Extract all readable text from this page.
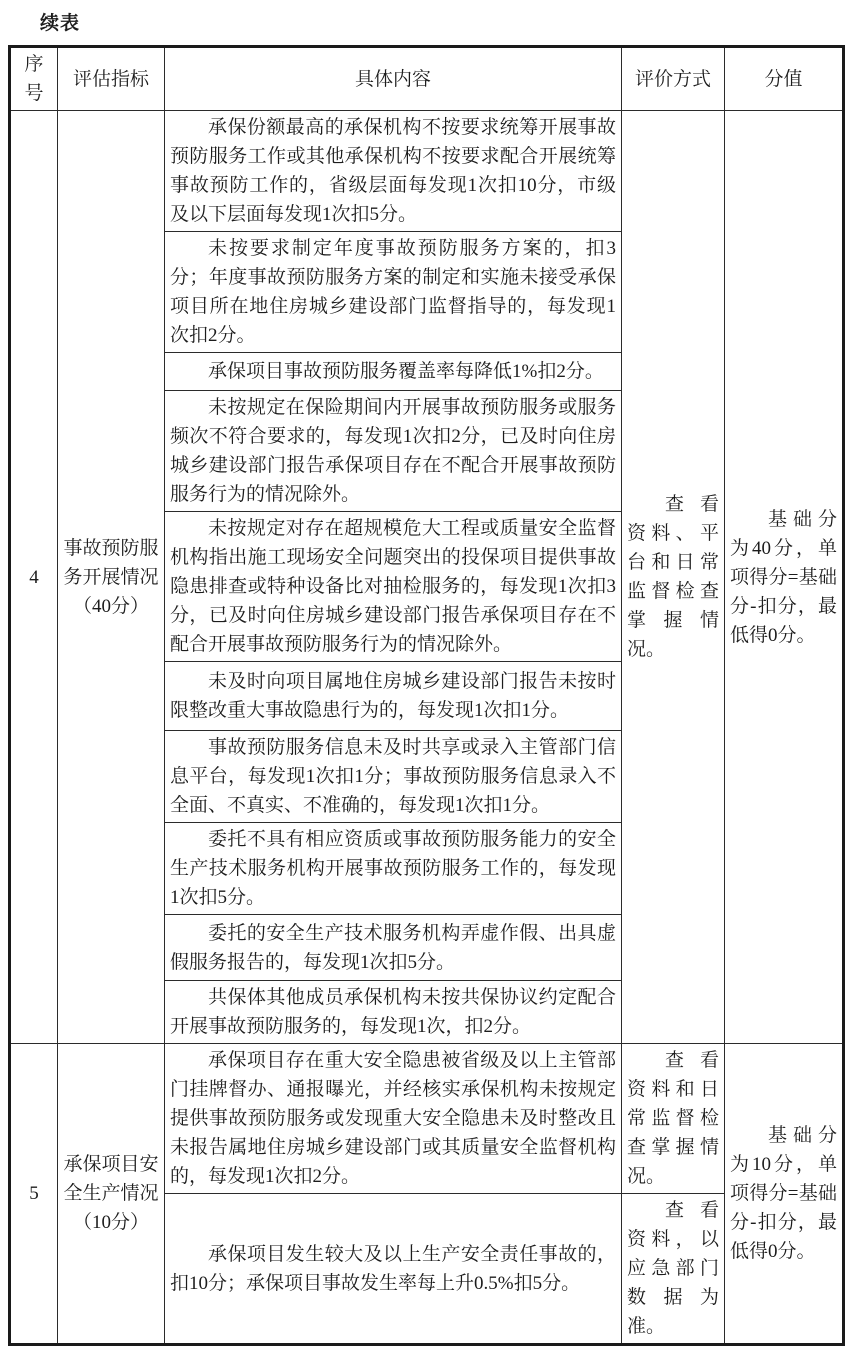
续表
序号	评估指标	具体内容	评价方式	分值
4	事故预防服务开展情况（40分）	承保份额最高的承保机构不按要求统筹开展事故预防服务工作或其他承保机构不按要求配合开展统筹事故预防工作的，省级层面每发现1次扣10分，市级及以下层面每发现1次扣5分。	查看资料、平台和日常监督检查掌握情况。	基础分为40分，单项得分=基础分-扣分，最低得0分。
		未按要求制定年度事故预防服务方案的，扣3分；年度事故预防服务方案的制定和实施未接受承保项目所在地住房城乡建设部门监督指导的，每发现1次扣2分。		
		承保项目事故预防服务覆盖率每降低1%扣2分。		
		未按规定在保险期间内开展事故预防服务或服务频次不符合要求的，每发现1次扣2分，已及时向住房城乡建设部门报告承保项目存在不配合开展事故预防服务行为的情况除外。		
		未按规定对存在超规模危大工程或质量安全监督机构指出施工现场安全问题突出的投保项目提供事故隐患排查或特种设备比对抽检服务的，每发现1次扣3分，已及时向住房城乡建设部门报告承保项目存在不配合开展事故预防服务行为的情况除外。		
		未及时向项目属地住房城乡建设部门报告未按时限整改重大事故隐患行为的，每发现1次扣1分。		
		事故预防服务信息未及时共享或录入主管部门信息平台，每发现1次扣1分；事故预防服务信息录入不全面、不真实、不准确的，每发现1次扣1分。		
		委托不具有相应资质或事故预防服务能力的安全生产技术服务机构开展事故预防服务工作的，每发现1次扣5分。		
		委托的安全生产技术服务机构弄虚作假、出具虚假服务报告的，每发现1次扣5分。		
		共保体其他成员承保机构未按共保协议约定配合开展事故预防服务的，每发现1次，扣2分。		
5	承保项目安全生产情况（10分）	承保项目存在重大安全隐患被省级及以上主管部门挂牌督办、通报曝光，并经核实承保机构未按规定提供事故预防服务或发现重大安全隐患未及时整改且未报告属地住房城乡建设部门或其质量安全监督机构的，每发现1次扣2分。	查看资料和日常监督检查掌握情况。	基础分为10分，单项得分=基础分-扣分，最低得0分。
		承保项目发生较大及以上生产安全责任事故的，扣10分；承保项目事故发生率每上升0.5%扣5分。	查看资料，以应急部门数据为准。	
